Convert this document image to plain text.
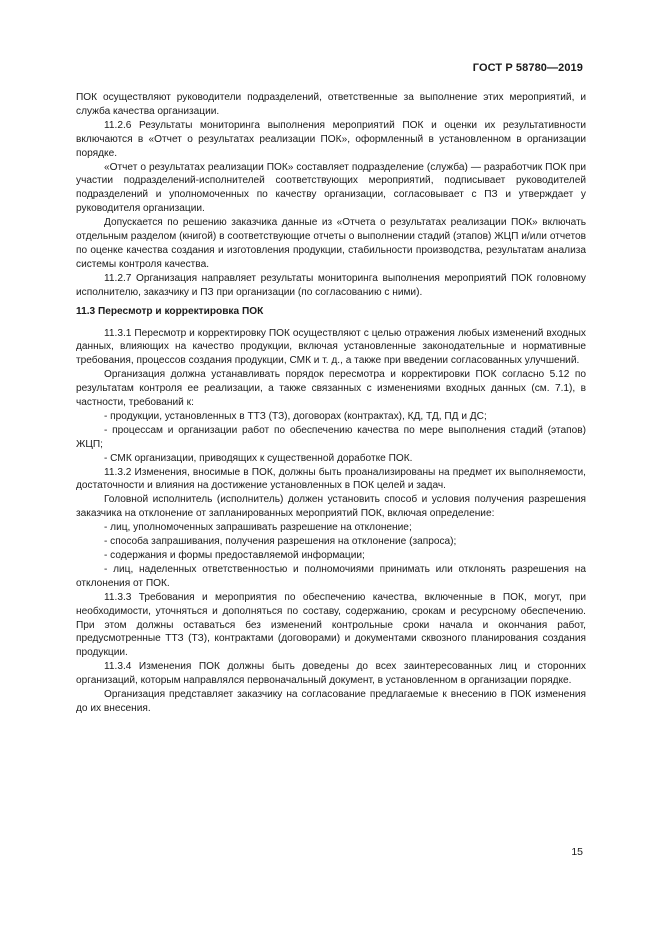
ГОСТ Р 58780—2019

ПОК осуществляют руководители подразделений, ответственные за выполнение этих мероприятий, и служба качества организации.

11.2.6 Результаты мониторинга выполнения мероприятий ПОК и оценки их результативности включаются в «Отчет о результатах реализации ПОК», оформленный в установленном в организации порядке.

«Отчет о результатах реализации ПОК» составляет подразделение (служба) — разработчик ПОК при участии подразделений-исполнителей соответствующих мероприятий, подписывает руководителей подразделений и уполномоченных по качеству организации, согласовывает с ПЗ и утверждает у руководителя организации.

Допускается по решению заказчика данные из «Отчета о результатах реализации ПОК» включать отдельным разделом (книгой) в соответствующие отчеты о выполнении стадий (этапов) ЖЦП и/или отчетов по оценке качества создания и изготовления продукции, стабильности производства, результатам анализа системы контроля качества.

11.2.7 Организация направляет результаты мониторинга выполнения мероприятий ПОК головному исполнителю, заказчику и ПЗ при организации (по согласованию с ними).

11.3 Пересмотр и корректировка ПОК

11.3.1 Пересмотр и корректировку ПОК осуществляют с целью отражения любых изменений входных данных, влияющих на качество продукции, включая установленные законодательные и нормативные требования, процессов создания продукции, СМК и т. д., а также при введении согласованных улучшений.

Организация должна устанавливать порядок пересмотра и корректировки ПОК согласно 5.12 по результатам контроля ее реализации, а также связанных с изменениями входных данных (см. 7.1), в частности, требований к:

- продукции, установленных в ТТЗ (ТЗ), договорах (контрактах), КД, ТД, ПД и ДС;

- процессам и организации работ по обеспечению качества по мере выполнения стадий (этапов) ЖЦП;

- СМК организации, приводящих к существенной доработке ПОК.

11.3.2 Изменения, вносимые в ПОК, должны быть проанализированы на предмет их выполняемости, достаточности и влияния на достижение установленных в ПОК целей и задач.

Головной исполнитель (исполнитель) должен установить способ и условия получения разрешения заказчика на отклонение от запланированных мероприятий ПОК, включая определение:

- лиц, уполномоченных запрашивать разрешение на отклонение;

- способа запрашивания, получения разрешения на отклонение (запроса);

- содержания и формы предоставляемой информации;

- лиц, наделенных ответственностью и полномочиями принимать или отклонять разрешения на отклонения от ПОК.

11.3.3 Требования и мероприятия по обеспечению качества, включенные в ПОК, могут, при необходимости, уточняться и дополняться по составу, содержанию, срокам и ресурсному обеспечению. При этом должны оставаться без изменений контрольные сроки начала и окончания работ, предусмотренные ТТЗ (ТЗ), контрактами (договорами) и документами сквозного планирования создания продукции.

11.3.4 Изменения ПОК должны быть доведены до всех заинтересованных лиц и сторонних организаций, которым направлялся первоначальный документ, в установленном в организации порядке.

Организация представляет заказчику на согласование предлагаемые к внесению в ПОК изменения до их внесения.

15
